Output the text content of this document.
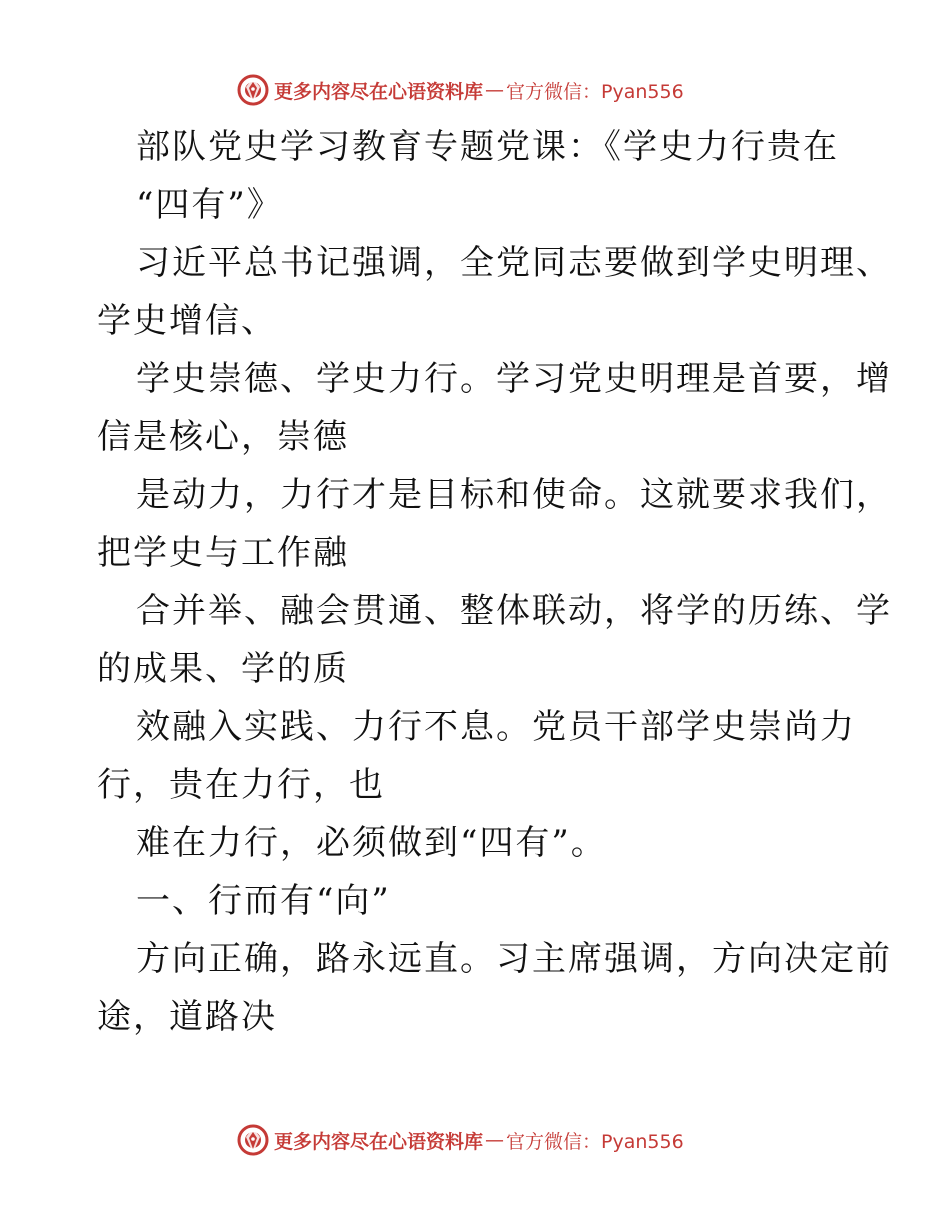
更多内容尽在心语资料库 — 官方微信：Pyan556
部队党史学习教育专题党课：《学史力行贵在
“四有”》
习近平总书记强调，全党同志要做到学史明理、
学史增信、
学史崇德、学史力行。学习党史明理是首要，增
信是核心，崇德
是动力，力行才是目标和使命。这就要求我们，
把学史与工作融
合并举、融会贯通、整体联动，将学的历练、学
的成果、学的质
效融入实践、力行不息。党员干部学史崇尚力
行，贵在力行，也
难在力行，必须做到“四有”。
一、行而有“向”
方向正确，路永远直。习主席强调，方向决定前
途，道路决
更多内容尽在心语资料库 — 官方微信：Pyan556
